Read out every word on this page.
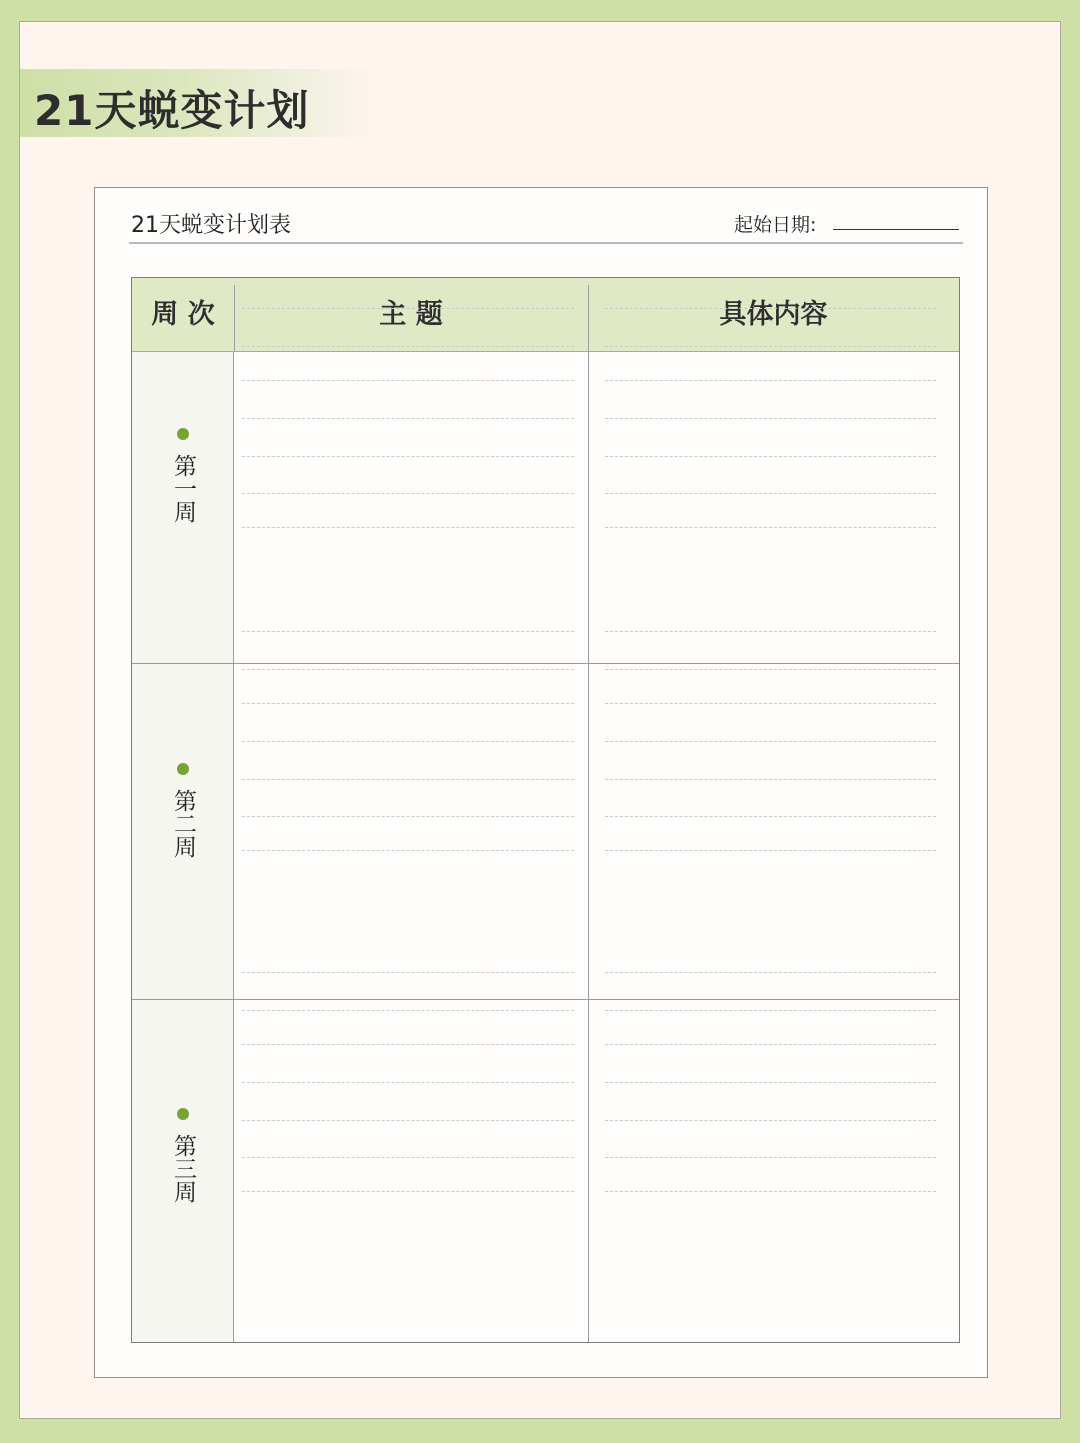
21天蜕变计划
21天蜕变计划表	起始日期:
周 次	主 题	具体内容
第一周
第二周
第三周
